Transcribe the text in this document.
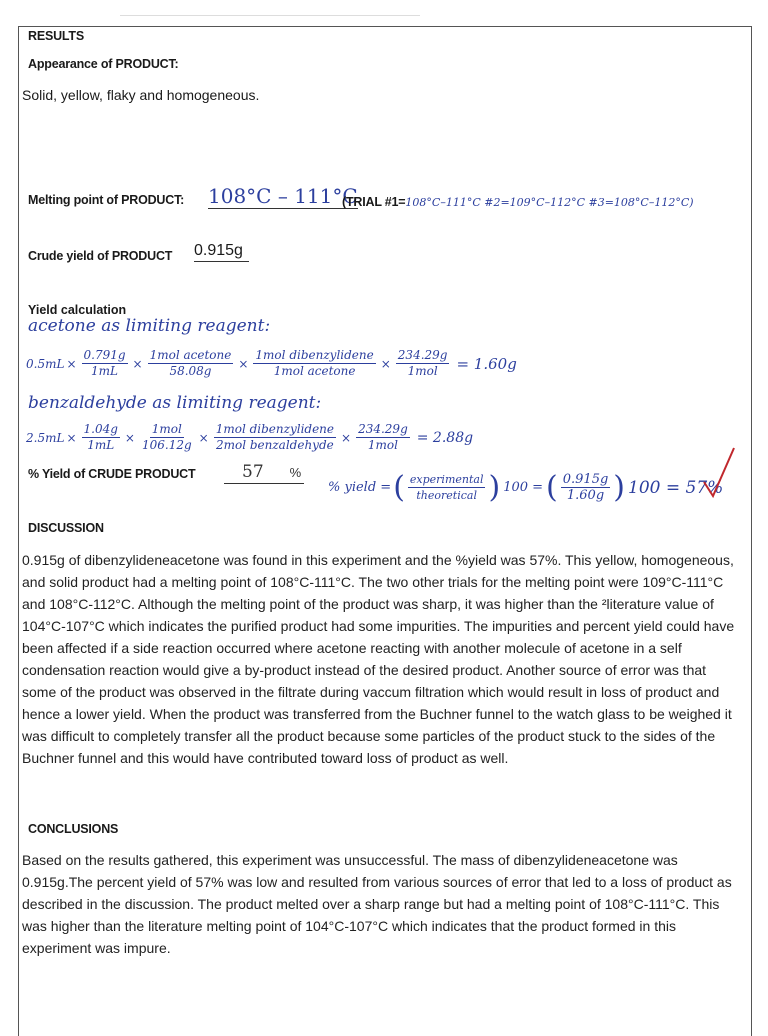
RESULTS
Appearance of PRODUCT:
Solid, yellow, flaky and homogeneous.
Melting point of PRODUCT: 108°C – 111°C
(TRIAL #1=108°C–111°C #2=109°C–112°C #3=108°C–112°C)
Crude yield of PRODUCT 0.915g
Yield calculation
acetone as limiting reagent:
$0.5mL \times \frac{0.791g}{1mL} \times \frac{\text{1mol acetone}}{58.08g} \times \frac{\text{1mol dibenzylidene}}{\text{1mol acetone}} \times \frac{234.29g}{\text{1mol}} = 1.60g$
benzaldehyde as limiting reagent:
$2.5mL \times \frac{1.04g}{1mL} \times \frac{\text{1mol}}{106.12g} \times \frac{\text{1mol dibenzylidene}}{\text{2mol benzaldehyde}} \times \frac{234.29g}{\text{1mol}} = 2.88g$
% Yield of CRUDE PRODUCT	57 %
% yield = ( $\frac{\text{experimental}}{\text{theoretical}}$ ) 100 = ( $\frac{0.915g}{1.60g}$ ) 100 = 57%
DISCUSSION

0.915g of dibenzylideneacetone was found in this experiment and the %yield was 57%. This yellow, homogeneous, and solid product had a melting point of 108°C-111°C. The two other trials for the melting point were 109°C-111°C and 108°C-112°C. Although the melting point of the product was sharp, it was higher than the ²literature value of 104°C-107°C which indicates the purified product had some impurities. The impurities and percent yield could have been affected if a side reaction occurred where acetone reacting with another molecule of acetone in a self condensation reaction would give a by-product instead of the desired product. Another source of error was that some of the product was observed in the filtrate during vaccum filtration which would result in loss of product and hence a lower yield. When the product was transferred from the Buchner funnel to the watch glass to be weighed it was difficult to completely transfer all the product because some particles of the product stuck to the sides of the Buchner funnel and this would have contributed toward loss of product as well.

CONCLUSIONS

Based on the results gathered, this experiment was unsuccessful. The mass of dibenzylideneacetone was 0.915g.The percent yield of 57% was low and resulted from various sources of error that led to a loss of product as described in the discussion. The product melted over a sharp range but had a melting point of 108°C-111°C. This was higher than the literature melting point of 104°C-107°C which indicates that the product formed in this experiment was impure.
